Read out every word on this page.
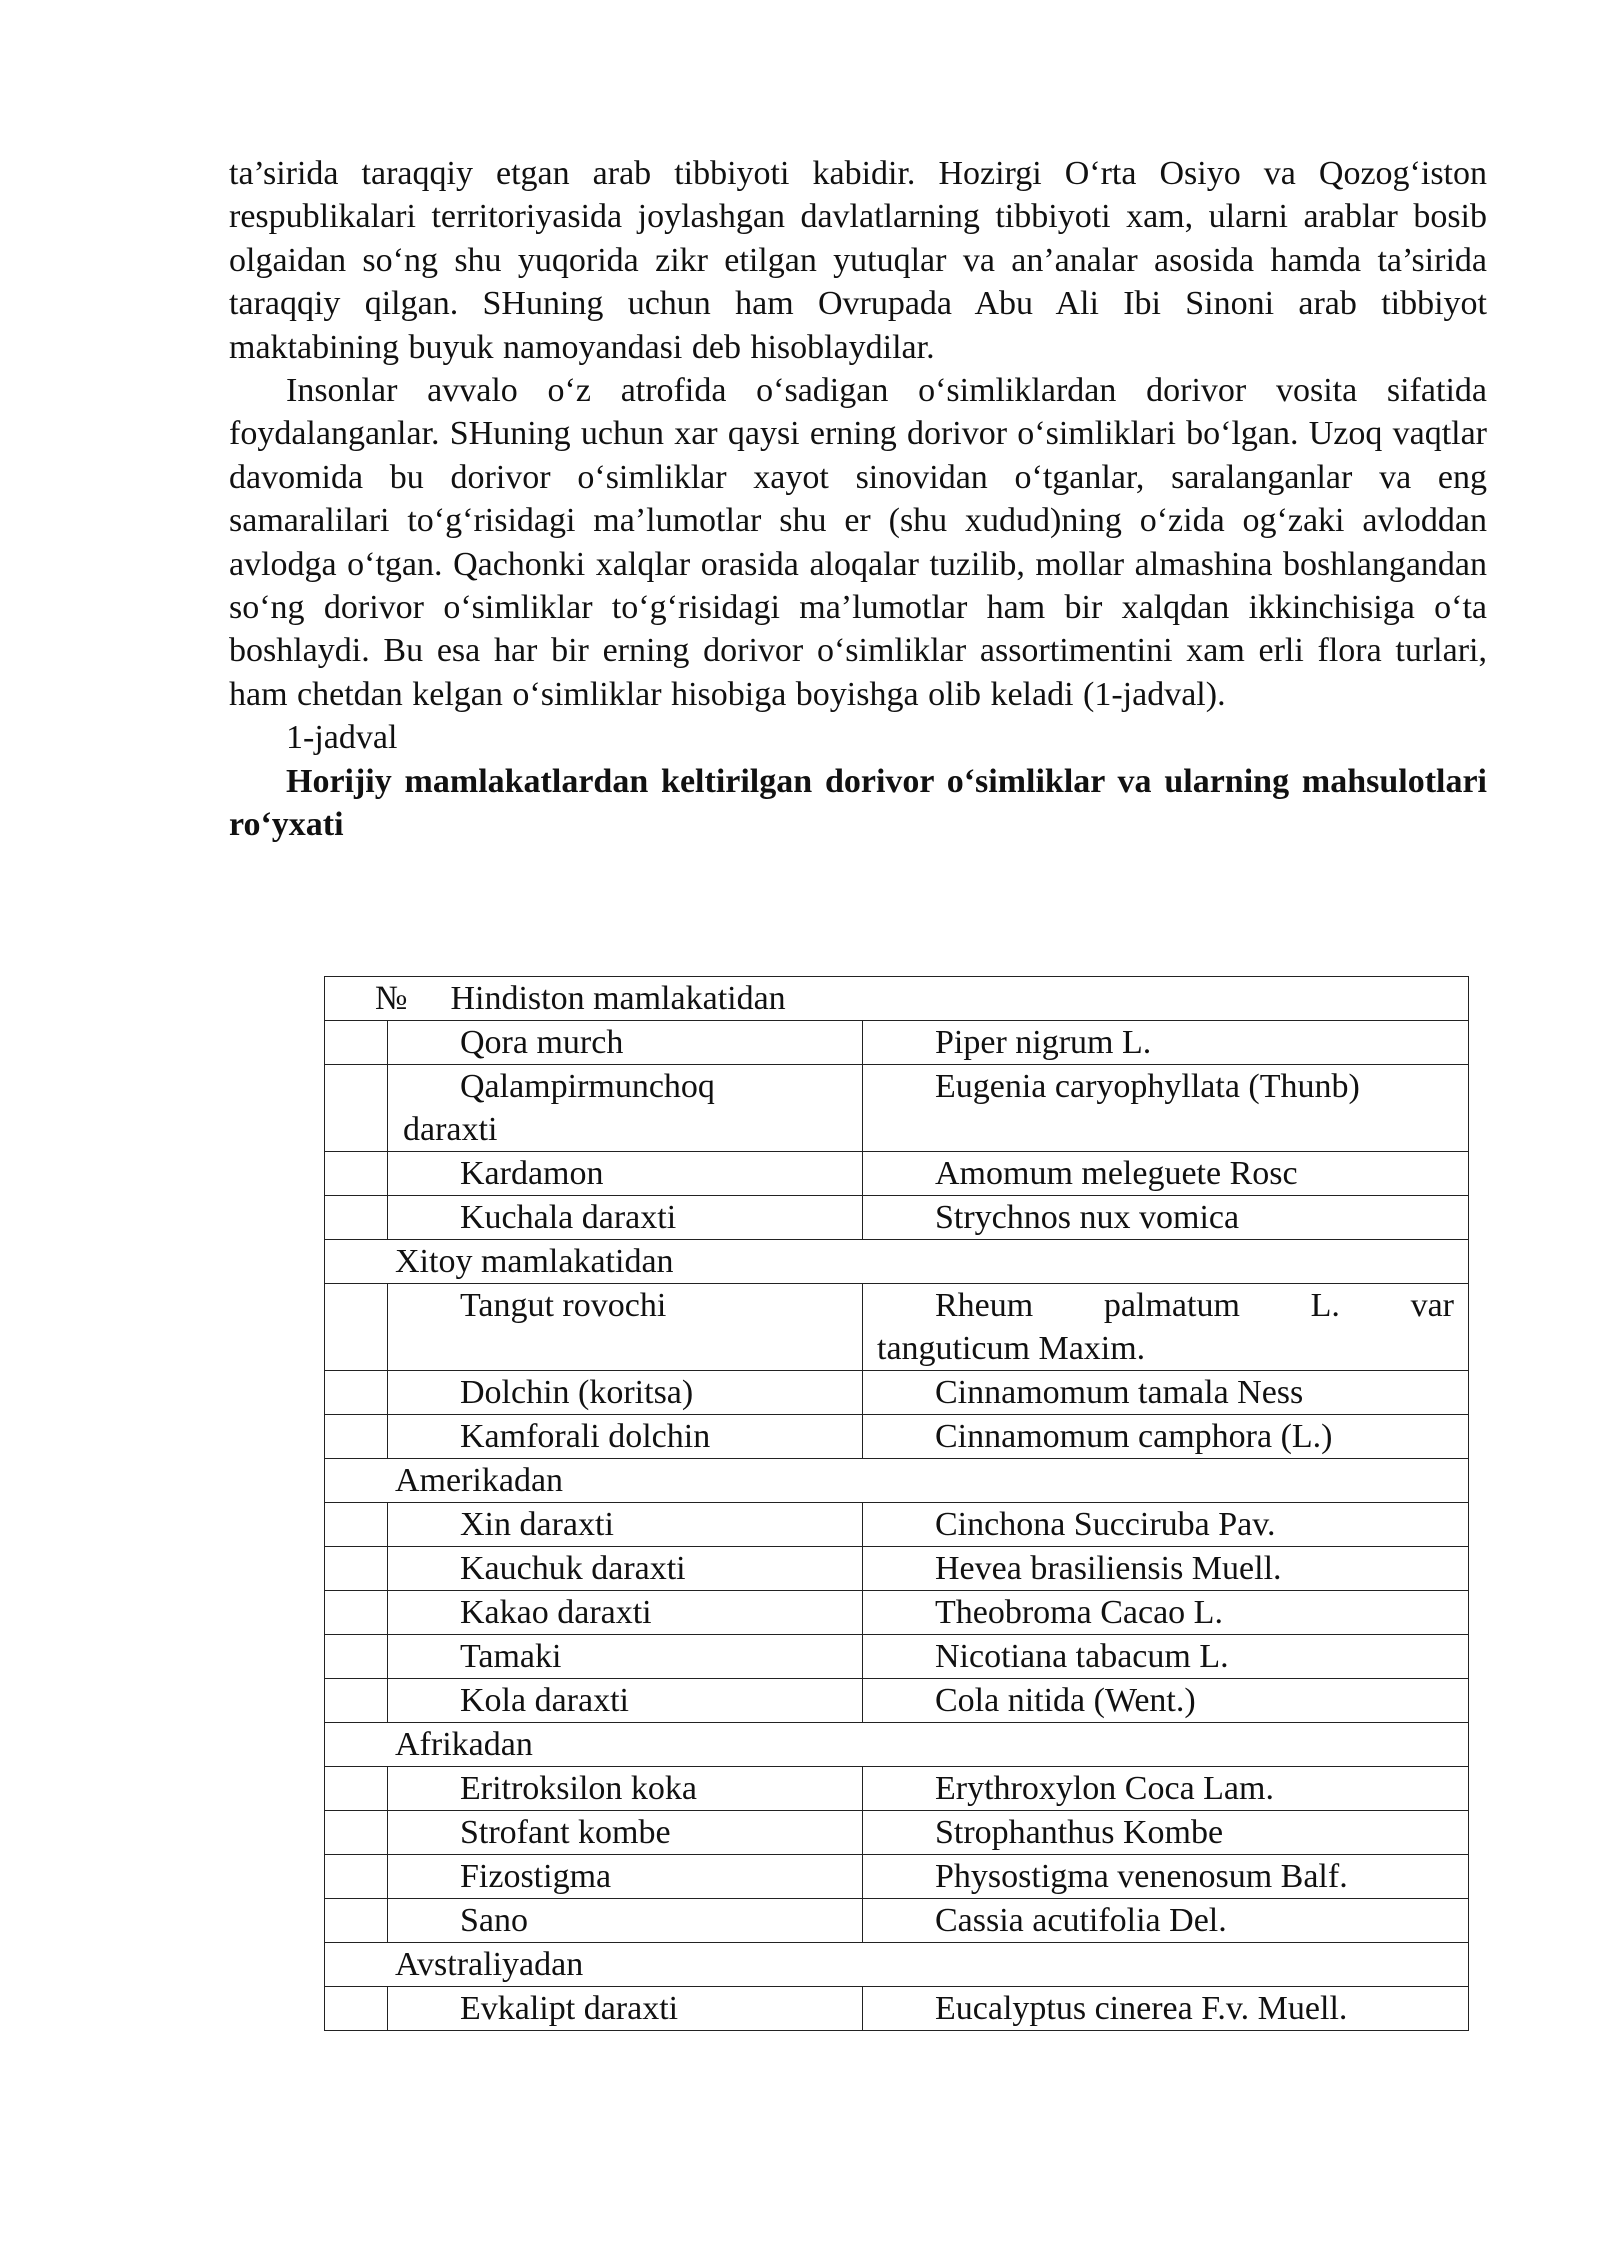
ta’sirida taraqqiy etgan arab tibbiyoti kabidir. Hozirgi O‘rta Osiyo va Qozog‘iston respublikalari territoriyasida joylashgan davlatlarning tibbiyoti xam, ularni arablar bosib olgaidan so‘ng shu yuqorida zikr etilgan yutuqlar va an’analar asosida hamda ta’sirida taraqqiy qilgan. SHuning uchun ham Ovrupada Abu Ali Ibi Sinoni arab tibbiyot maktabining buyuk namoyandasi deb hisoblaydilar.

Insonlar avvalo o‘z atrofida o‘sadigan o‘simliklardan dorivor vosita sifatida foydalanganlar. SHuning uchun xar qaysi erning dorivor o‘simliklari bo‘lgan. Uzoq vaqtlar davomida bu dorivor o‘simliklar xayot sinovidan o‘tganlar, saralanganlar va eng samaralilari to‘g‘risidagi ma’lumotlar shu er (shu xudud)ning o‘zida og‘zaki avloddan avlodga o‘tgan. Qachonki xalqlar orasida aloqalar tuzilib, mollar almashina boshlangandan so‘ng dorivor o‘simliklar to‘g‘risidagi ma’lumotlar ham bir xalqdan ikkinchisiga o‘ta boshlaydi. Bu esa har bir erning dorivor o‘simliklar assortimentini xam erli flora turlari, ham chetdan kelgan o‘simliklar hisobiga boyishga olib keladi (1-jadval).

1-jadval

Horijiy mamlakatlardan keltirilgan dorivor o‘simliklar va ularning mahsulotlari ro‘yxati

№ Hindiston mamlakatidan		

	Qora murch	Piper nigrum L.

	Qalampirmunchoq
daraxti	Eugenia caryophyllata (Thunb)

	Kardamon	Amomum meleguete Rosc

	Kuchala daraxti	Strychnos nux vomica

Xitoy mamlakatidan		

	Tangut rovochi	Rheum palmatum L. var
tanguticum Maxim.

	Dolchin (koritsa)	Cinnamomum tamala Ness

	Kamforali dolchin	Cinnamomum camphora (L.)

Amerikadan		

	Xin daraxti	Cinchona Succiruba Pav.

	Kauchuk daraxti	Hevea brasiliensis Muell.

	Kakao daraxti	Theobroma Cacao L.

	Tamaki	Nicotiana tabacum L.

	Kola daraxti	Cola nitida (Went.)

Afrikadan		

	Eritroksilon koka	Erythroxylon Coca Lam.

	Strofant kombe	Strophanthus Kombe

	Fizostigma	Physostigma venenosum Balf.

	Sano	Cassia acutifolia Del.

Avstraliyadan		

	Evkalipt daraxti	Eucalyptus cinerea F.v. Muell.
